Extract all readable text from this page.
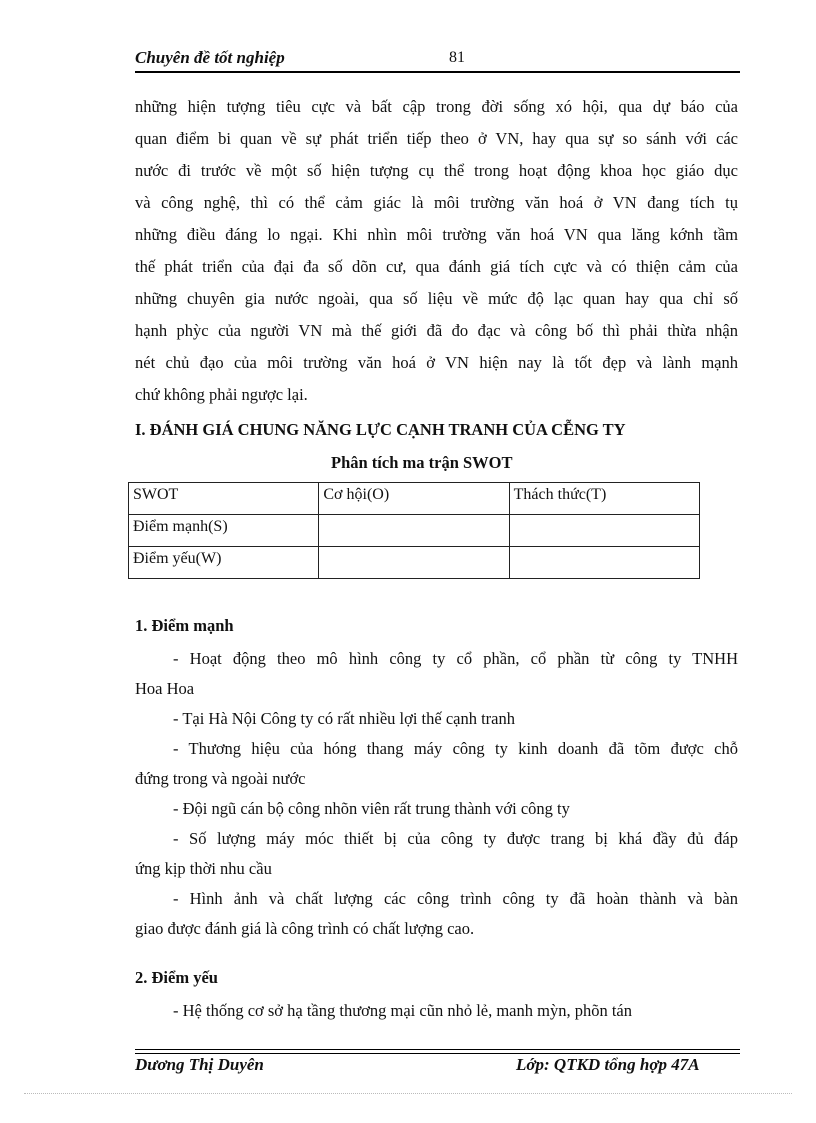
Chuyên đề tốt nghiệp	81
những hiện tượng tiêu cực và bất cập trong đời sống xó hội, qua dự báo của
quan điểm bi quan về sự phát triển tiếp theo ở VN, hay qua sự so sánh với các
nước đi trước về một số hiện tượng cụ thể trong hoạt động khoa học giáo dục
và công nghệ, thì có thể cảm giác là môi trường văn hoá ở VN đang tích tụ
những điều đáng lo ngại. Khi nhìn môi trường văn hoá VN qua lăng kớnh tầm
thế phát triển của đại đa số dõn cư, qua đánh giá tích cực và có thiện cảm của
những chuyên gia nước ngoài, qua số liệu về mức độ lạc quan hay qua chỉ số
hạnh phỳc của người VN mà thế giới đã đo đạc và công bố thì phải thừa nhận
nét chủ đạo của môi trường văn hoá ở VN hiện nay là tốt đẹp và lành mạnh
chứ không phải ngược lại.
I. ĐÁNH GIÁ CHUNG NĂNG LỰC CẠNH TRANH CỦA CỄNG TY
Phân tích ma trận SWOT
SWOT	Cơ hội(O)	Thách thức(T)
Điểm mạnh(S)		
Điểm yếu(W)		
1. Điểm mạnh
- Hoạt động theo mô hình công ty cổ phần, cổ phần từ công ty TNHH
Hoa Hoa
- Tại Hà Nội Công ty có rất nhiều lợi thế cạnh tranh
- Thương hiệu của hóng thang máy công ty kinh doanh đã tõm được chỗ
đứng trong và ngoài nước
- Đội ngũ cán bộ công nhõn viên rất trung thành với công ty
- Số lượng máy móc thiết bị của công ty được trang bị khá đầy đủ đáp
ứng kịp thời nhu cầu
- Hình ảnh và chất lượng các công trình công ty đã hoàn thành và bàn
giao được đánh giá là công trình có chất lượng cao.
2. Điểm yếu
- Hệ thống cơ sở hạ tầng thương mại cũn nhỏ lẻ, manh mỳn, phõn tán
Dương Thị Duyên	Lớp: QTKD tổng hợp 47A
